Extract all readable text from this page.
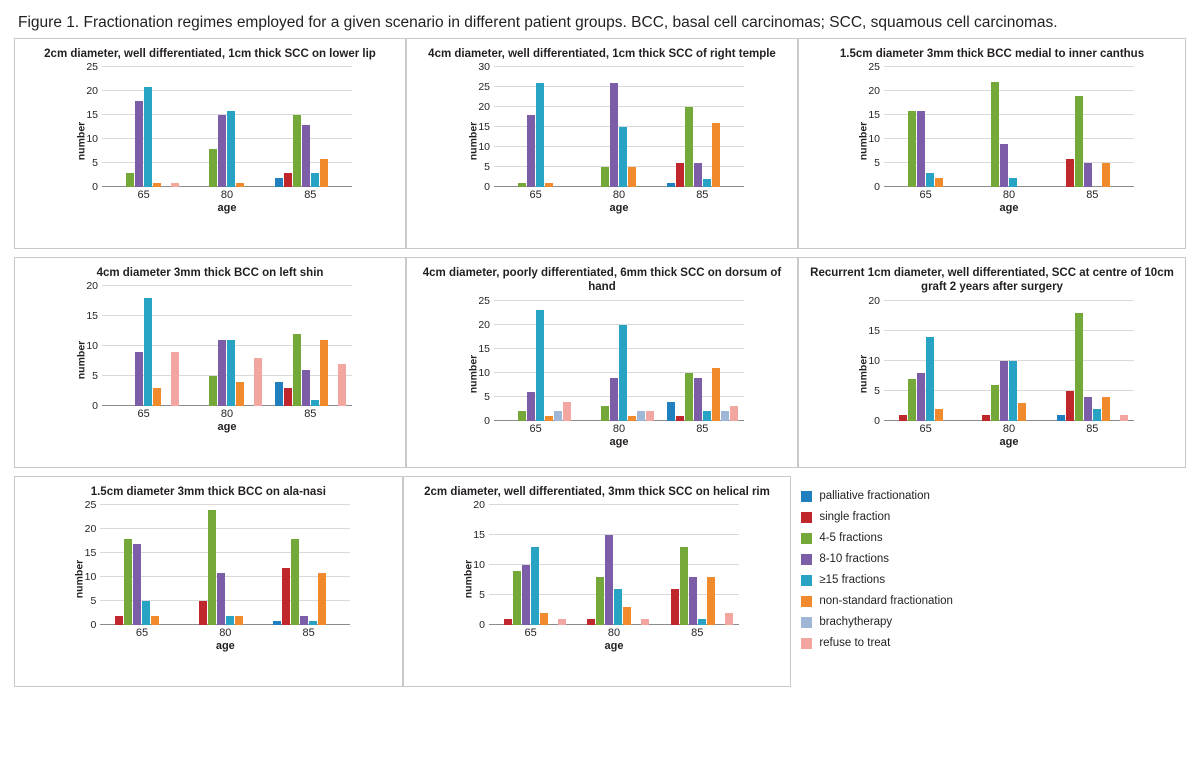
Figure 1. Fractionation regimes employed for a given scenario in different patient groups. BCC, basal cell carcinomas; SCC, squamous cell carcinomas.
2cm diameter, well differentiated, 1cm thick SCC on lower lip
number
0
5
10
15
20
25
65	80	85
age
4cm diameter, well differentiated, 1cm thick SCC of right temple
number
0
5
10
15
20
25
30
65	80	85
age
1.5cm diameter 3mm thick BCC medial to inner canthus
number
0
5
10
15
20
25
65	80	85
age
4cm diameter 3mm thick BCC on left shin
number
0
5
10
15
20
65	80	85
age
4cm diameter, poorly differentiated, 6mm thick SCC on dorsum of hand
number
0
5
10
15
20
25
65	80	85
age
Recurrent 1cm diameter, well differentiated, SCC at centre of 10cm graft 2 years after surgery
number
0
5
10
15
20
65	80	85
age
1.5cm diameter 3mm thick BCC on ala-nasi
number
0
5
10
15
20
25
65	80	85
age
2cm diameter, well differentiated, 3mm thick SCC on helical rim
number
0
5
10
15
20
65	80	85
age
palliative fractionation
single fraction
4-5 fractions
8-10 fractions
≥15 fractions
non-standard fractionation
brachytherapy
refuse to treat
